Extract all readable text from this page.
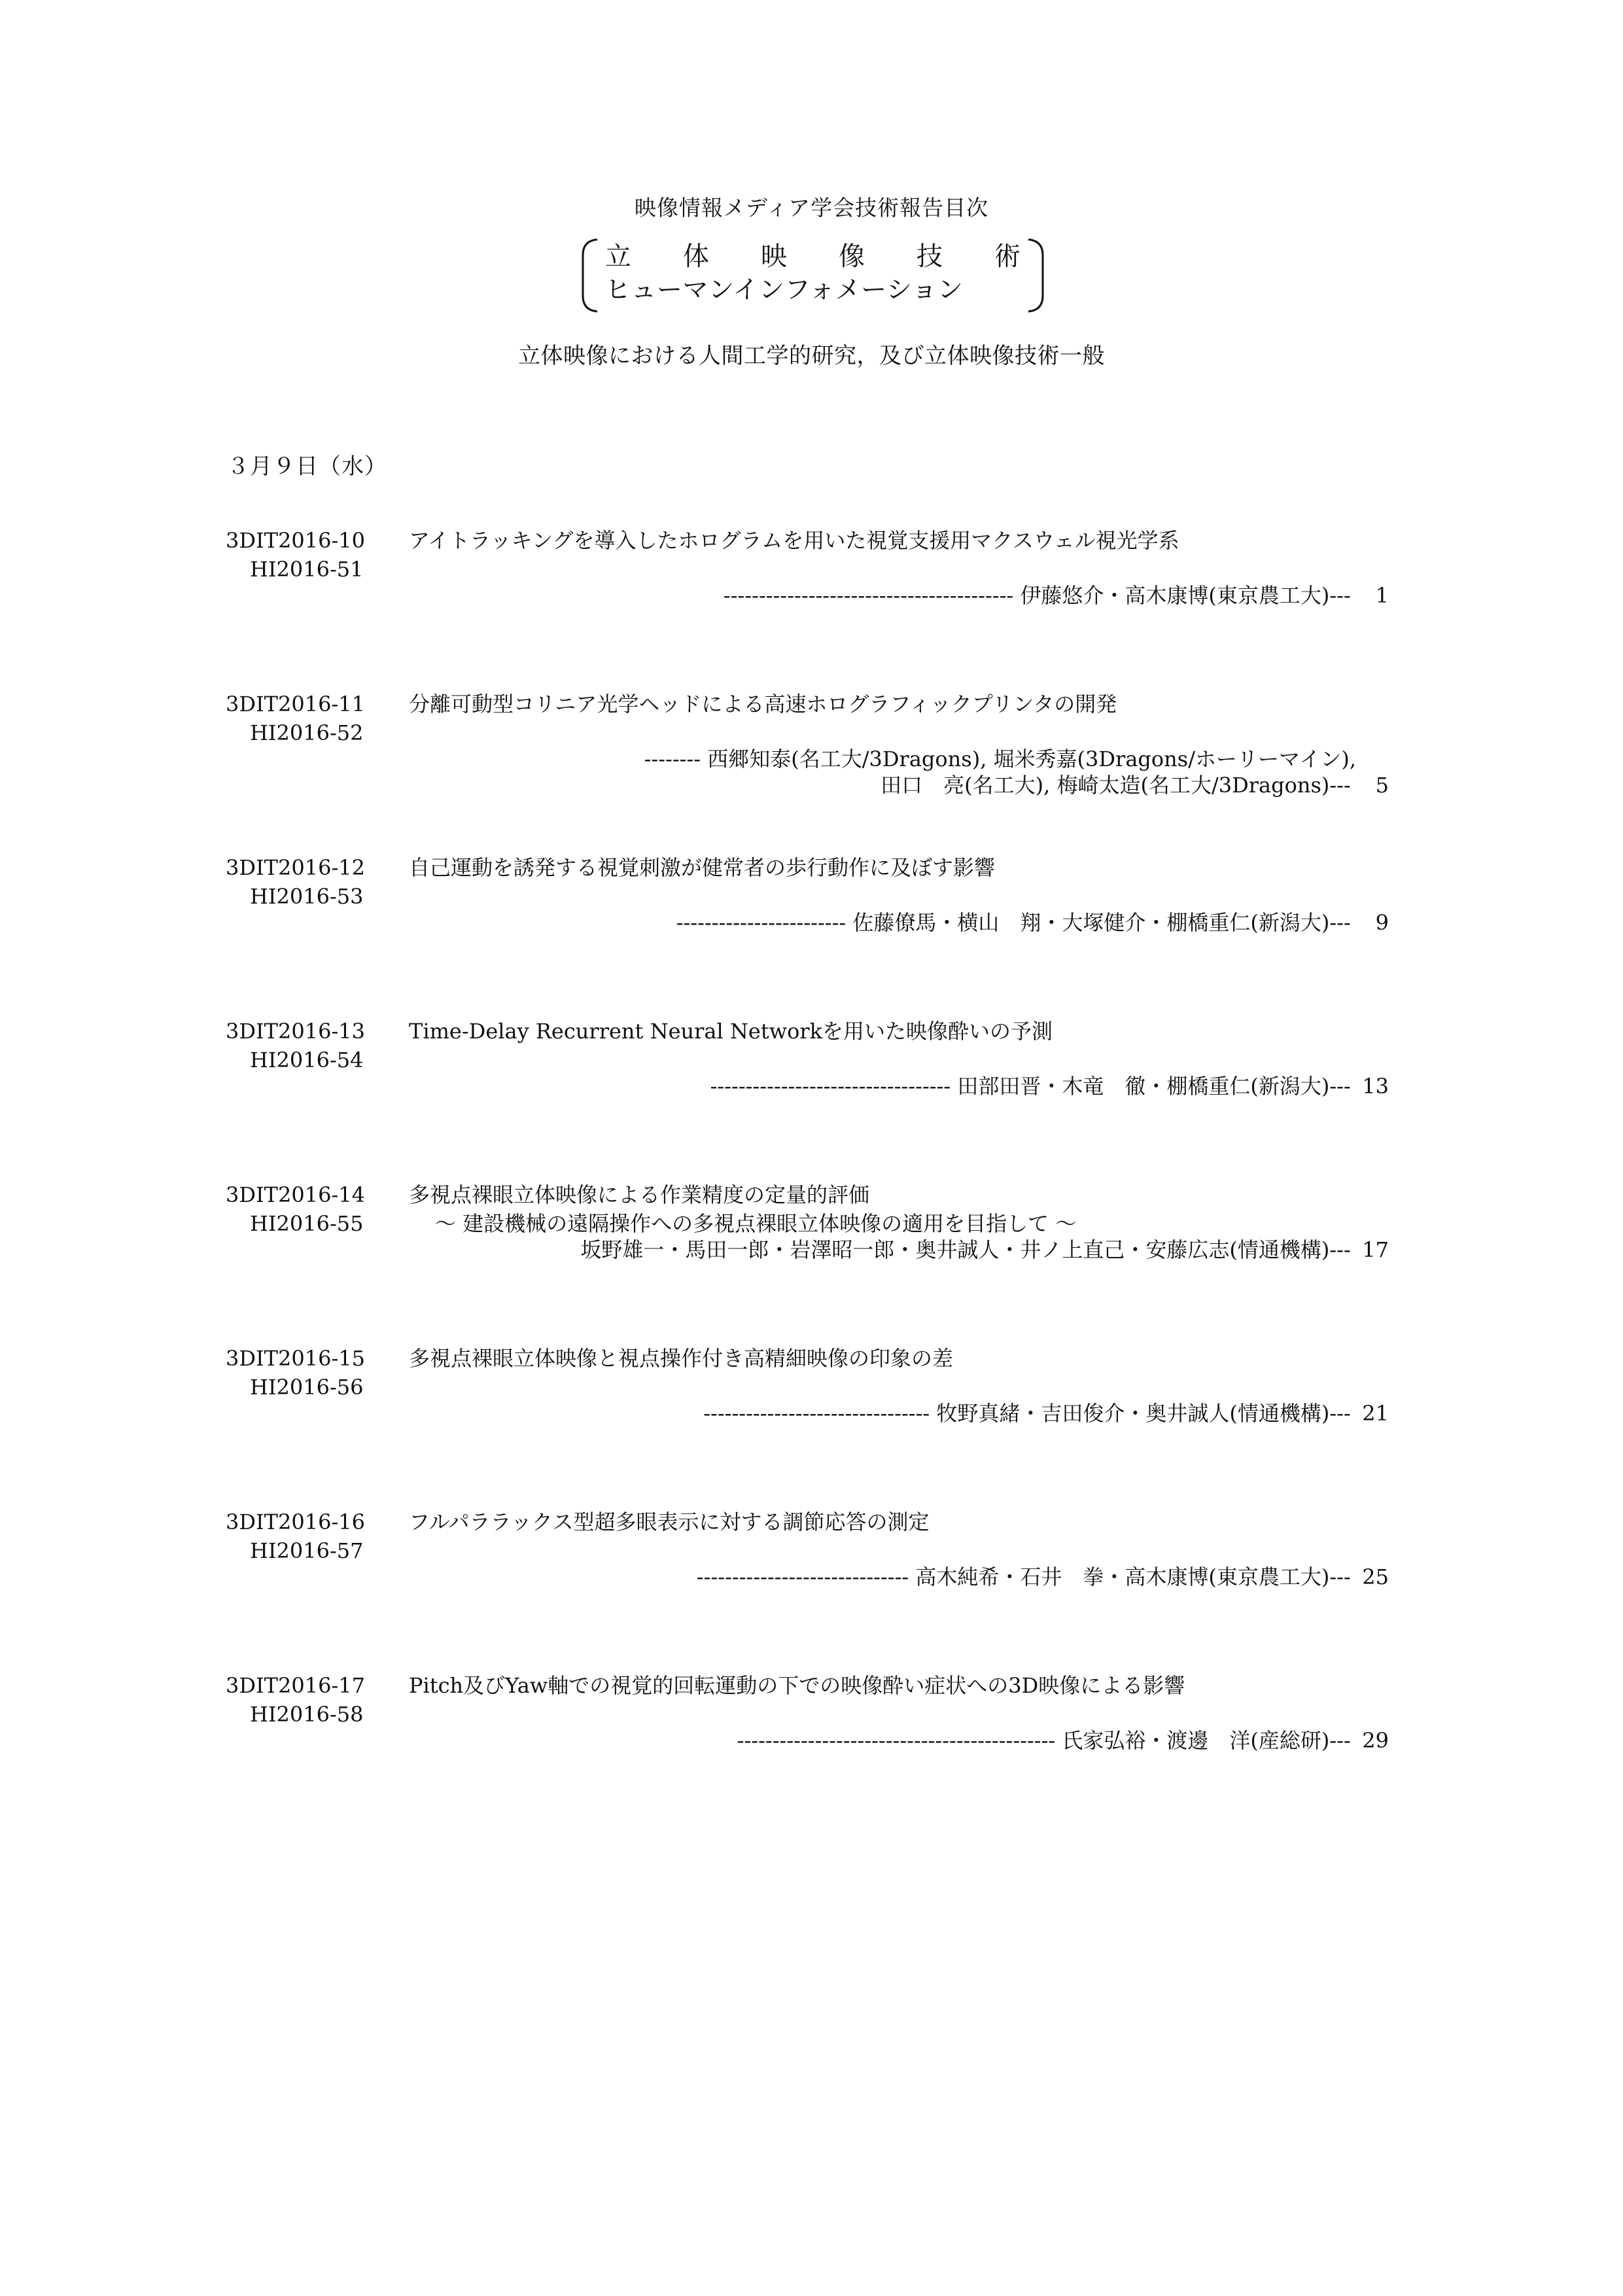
映像情報メディア学会技術報告目次
立 体 映 像 技 術
ヒューマンインフォメーション
立体映像における人間工学的研究，及び立体映像技術一般
３月９日（水）
3DIT2016-10
HI2016-51
アイトラッキングを導入したホログラムを用いた視覚支援用マクスウェル視光学系
----------------------------------------- 伊藤悠介・高木康博(東京農工大)--- 1
3DIT2016-11
HI2016-52
分離可動型コリニア光学ヘッドによる高速ホログラフィックプリンタの開発
-------- 西郷知泰(名工大/3Dragons), 堀米秀嘉(3Dragons/ホーリーマイン),
田口　亮(名工大), 梅崎太造(名工大/3Dragons)--- 5
3DIT2016-12
HI2016-53
自己運動を誘発する視覚刺激が健常者の歩行動作に及ぼす影響
------------------------ 佐藤僚馬・横山　翔・大塚健介・棚橋重仁(新潟大)--- 9
3DIT2016-13
HI2016-54
Time-Delay Recurrent Neural Networkを用いた映像酔いの予測
---------------------------------- 田部田晋・木竜　徹・棚橋重仁(新潟大)--- 13
3DIT2016-14
HI2016-55
多視点裸眼立体映像による作業精度の定量的評価
〜 建設機械の遠隔操作への多視点裸眼立体映像の適用を目指して 〜
坂野雄一・馬田一郎・岩澤昭一郎・奥井誠人・井ノ上直己・安藤広志(情通機構)--- 17
3DIT2016-15
HI2016-56
多視点裸眼立体映像と視点操作付き高精細映像の印象の差
-------------------------------- 牧野真緒・吉田俊介・奥井誠人(情通機構)--- 21
3DIT2016-16
HI2016-57
フルパララックス型超多眼表示に対する調節応答の測定
------------------------------ 高木純希・石井　拳・高木康博(東京農工大)--- 25
3DIT2016-17
HI2016-58
Pitch及びYaw軸での視覚的回転運動の下での映像酔い症状への3D映像による影響
--------------------------------------------- 氏家弘裕・渡邊　洋(産総研)--- 29
